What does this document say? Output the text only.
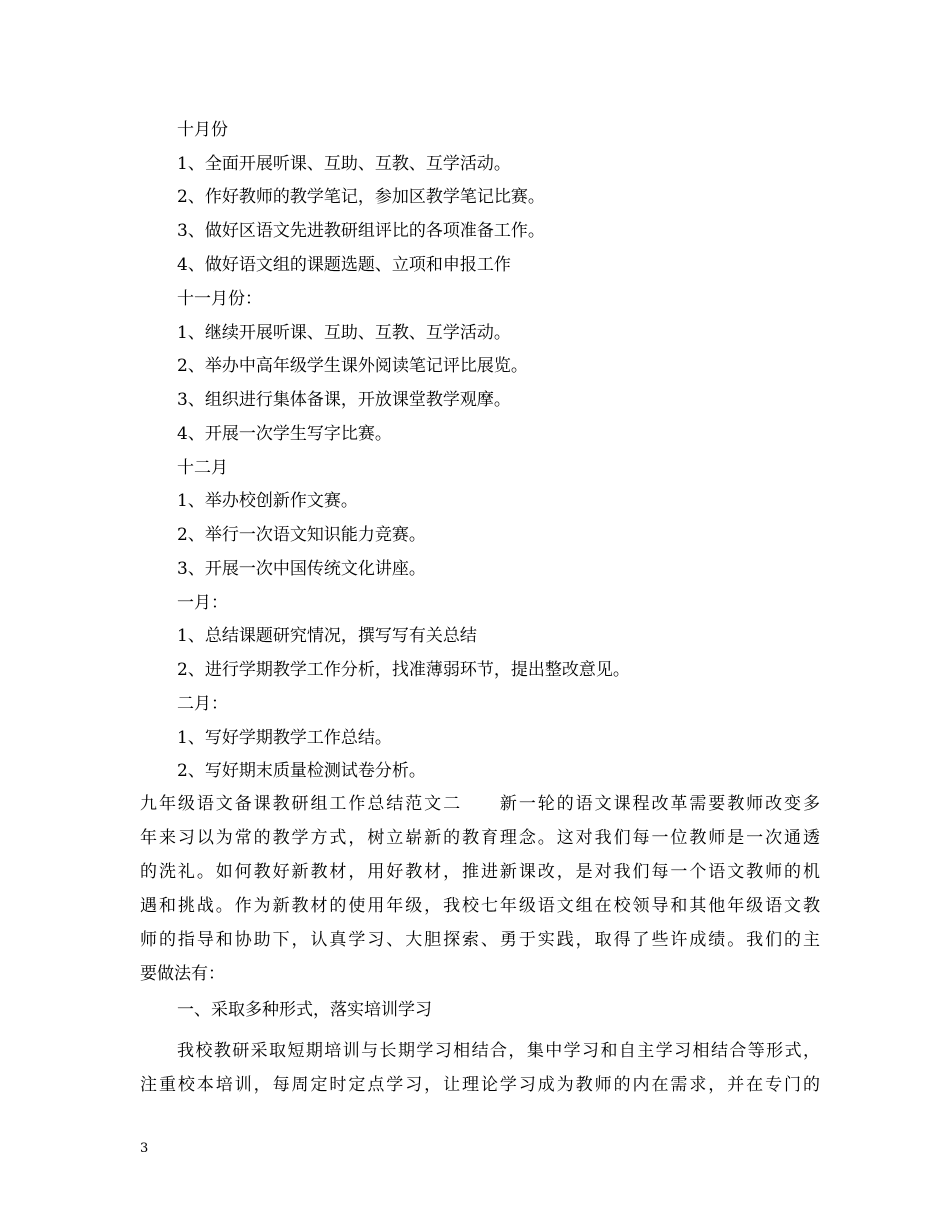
十月份
1、全面开展听课、互助、互教、互学活动。
2、作好教师的教学笔记，参加区教学笔记比赛。
3、做好区语文先进教研组评比的各项准备工作。
4、做好语文组的课题选题、立项和申报工作
十一月份：
1、继续开展听课、互助、互教、互学活动。
2、举办中高年级学生课外阅读笔记评比展览。
3、组织进行集体备课，开放课堂教学观摩。
4、开展一次学生写字比赛。
十二月
1、举办校创新作文赛。
2、举行一次语文知识能力竞赛。
3、开展一次中国传统文化讲座。
一月：
1、总结课题研究情况，撰写写有关总结
2、进行学期教学工作分析，找准薄弱环节，提出整改意见。
二月：
1、写好学期教学工作总结。
2、写好期末质量检测试卷分析。
九年级语文备课教研组工作总结范文二　　新一轮的语文课程改革需要教师改变多
年来习以为常的教学方式，树立崭新的教育理念。这对我们每一位教师是一次通透
的洗礼。如何教好新教材，用好教材，推进新课改，是对我们每一个语文教师的机
遇和挑战。作为新教材的使用年级，我校七年级语文组在校领导和其他年级语文教
师的指导和协助下，认真学习、大胆探索、勇于实践，取得了些许成绩。我们的主
要做法有：
一、采取多种形式，落实培训学习
我校教研采取短期培训与长期学习相结合，集中学习和自主学习相结合等形式，
注重校本培训，每周定时定点学习，让理论学习成为教师的内在需求，并在专门的
3
